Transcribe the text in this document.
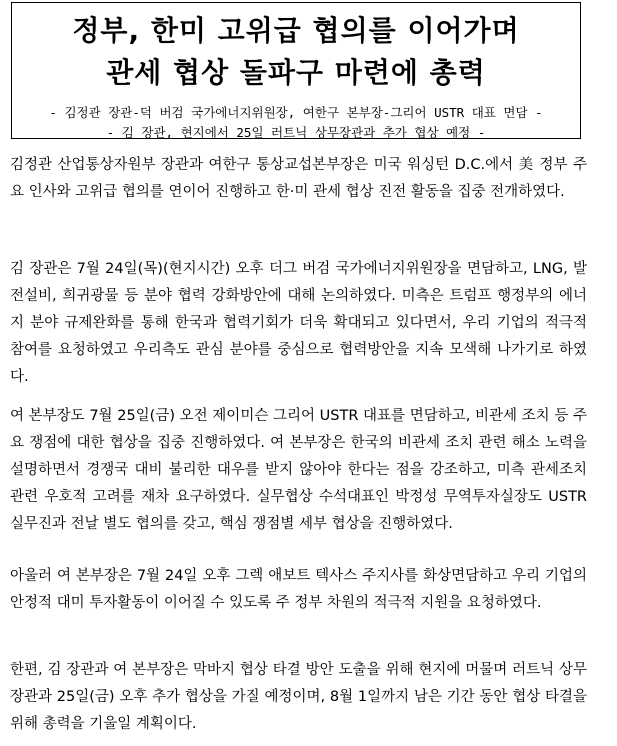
정부, 한미 고위급 협의를 이어가며
관세 협상 돌파구 마련에 총력
- 김정관 장관-덕 버검 국가에너지위원장, 여한구 본부장-그리어 USTR 대표 면담 -
- 김 장관, 현지에서 25일 러트닉 상무장관과 추가 협상 예정 -

김정관 산업통상자원부 장관과 여한구 통상교섭본부장은 미국 워싱턴 D.C.에서 美 정부 주요 인사와 고위급 협의를 연이어 진행하고 한·미 관세 협상 진전 활동을 집중 전개하였다.

김 장관은 7월 24일(목)(현지시간) 오후 더그 버검 국가에너지위원장을 면담하고, LNG, 발전설비, 희귀광물 등 분야 협력 강화방안에 대해 논의하였다. 미측은 트럼프 행정부의 에너지 분야 규제완화를 통해 한국과 협력기회가 더욱 확대되고 있다면서, 우리 기업의 적극적 참여를 요청하였고 우리측도 관심 분야를 중심으로 협력방안을 지속 모색해 나가기로 하였다.

여 본부장도 7월 25일(금) 오전 제이미슨 그리어 USTR 대표를 면담하고, 비관세 조치 등 주요 쟁점에 대한 협상을 집중 진행하였다. 여 본부장은 한국의 비관세 조치 관련 해소 노력을 설명하면서 경쟁국 대비 불리한 대우를 받지 않아야 한다는 점을 강조하고, 미측 관세조치 관련 우호적 고려를 재차 요구하였다. 실무협상 수석대표인 박정성 무역투자실장도 USTR 실무진과 전날 별도 협의를 갖고, 핵심 쟁점별 세부 협상을 진행하였다.

아울러 여 본부장은 7월 24일 오후 그렉 애보트 텍사스 주지사를 화상면담하고 우리 기업의 안정적 대미 투자활동이 이어질 수 있도록 주 정부 차원의 적극적 지원을 요청하였다.

한편, 김 장관과 여 본부장은 막바지 협상 타결 방안 도출을 위해 현지에 머물며 러트닉 상무장관과 25일(금) 오후 추가 협상을 가질 예정이며, 8월 1일까지 남은 기간 동안 협상 타결을 위해 총력을 기울일 계획이다.
